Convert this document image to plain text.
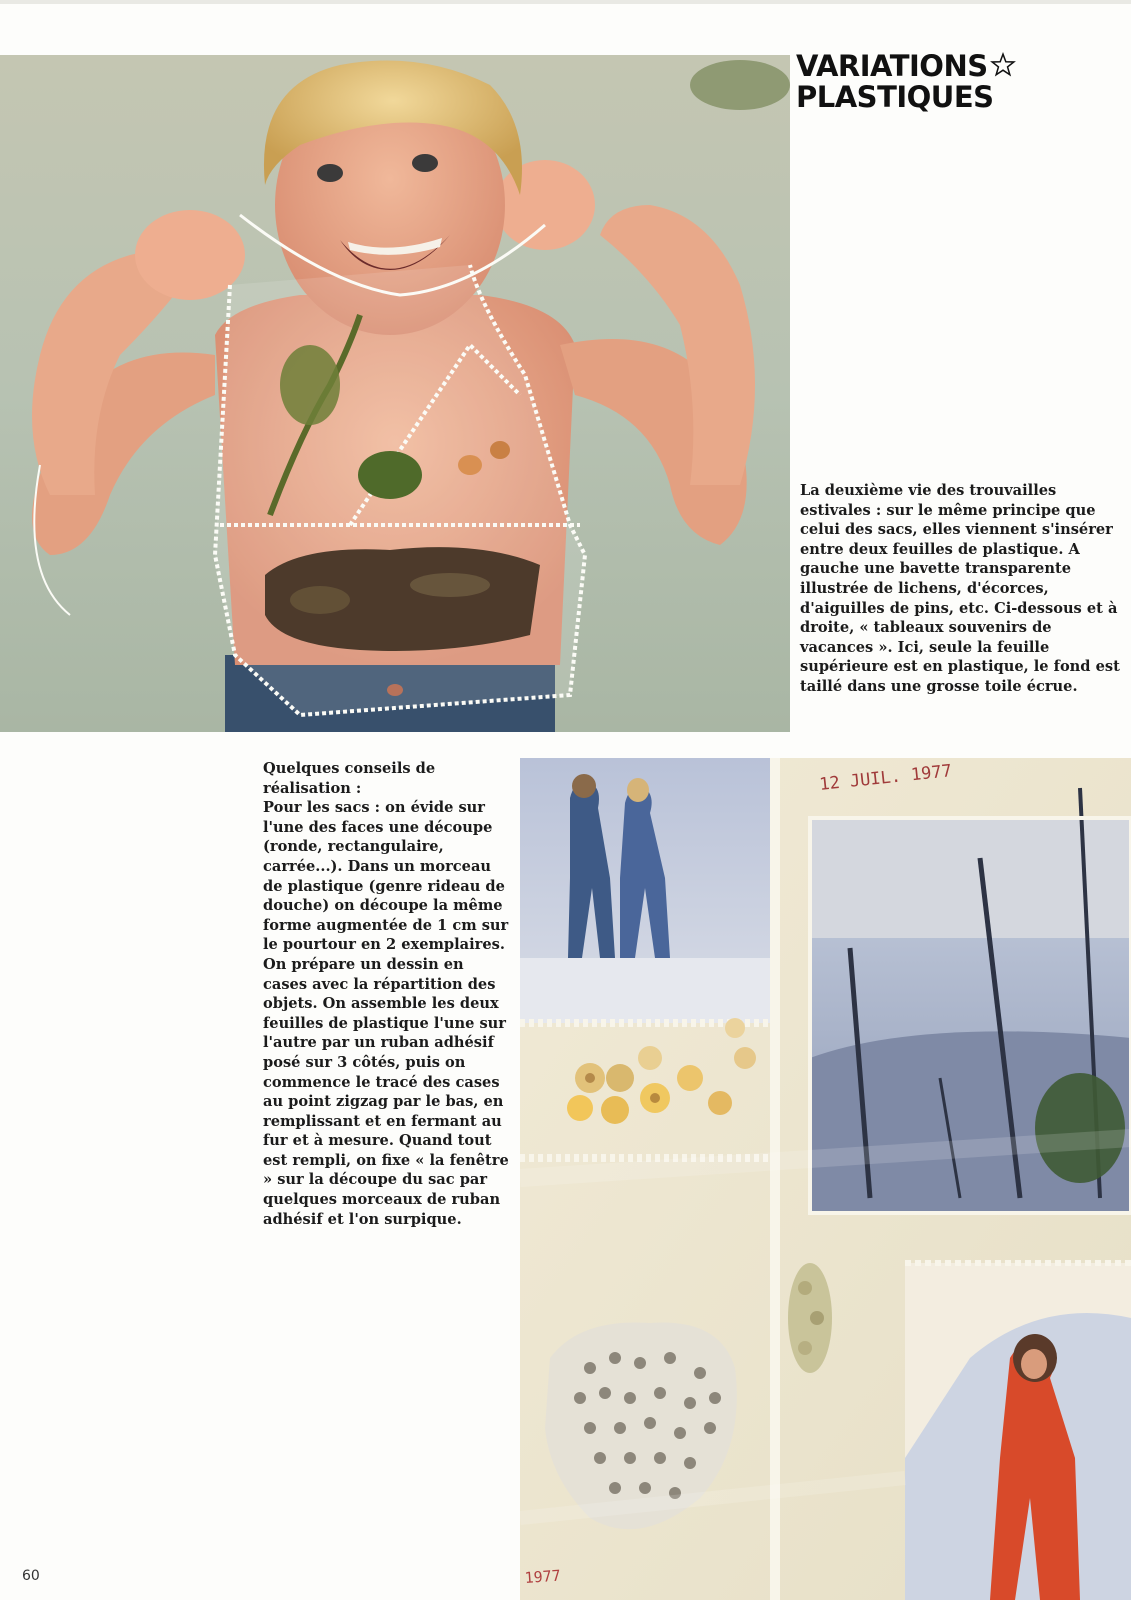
VARIATIONS
PLASTIQUES

La deuxième vie des trouvailles estivales : sur le même principe que celui des sacs, elles viennent s'insérer entre deux feuilles de plastique. A gauche une bavette transparente illustrée de lichens, d'écorces, d'aiguilles de pins, etc. Ci-dessous et à droite, « tableaux souvenirs de vacances ». Ici, seule la feuille supérieure est en plastique, le fond est taillé dans une grosse toile écrue.

Quelques conseils de réalisation :

Pour les sacs : on évide sur l'une des faces une découpe (ronde, rectangulaire, carrée...). Dans un morceau de plastique (genre rideau de douche) on découpe la même forme augmentée de 1 cm sur le pourtour en 2 exemplaires. On prépare un dessin en cases avec la répartition des objets. On assemble les deux feuilles de plastique l'une sur l'autre par un ruban adhésif posé sur 3 côtés, puis on commence le tracé des cases au point zigzag par le bas, en remplissant et en fermant au fur et à mesure. Quand tout est rempli, on fixe « la fenêtre » sur la découpe du sac par quelques morceaux de ruban adhésif et l'on surpique.

12 JUIL. 1977
1977
60
